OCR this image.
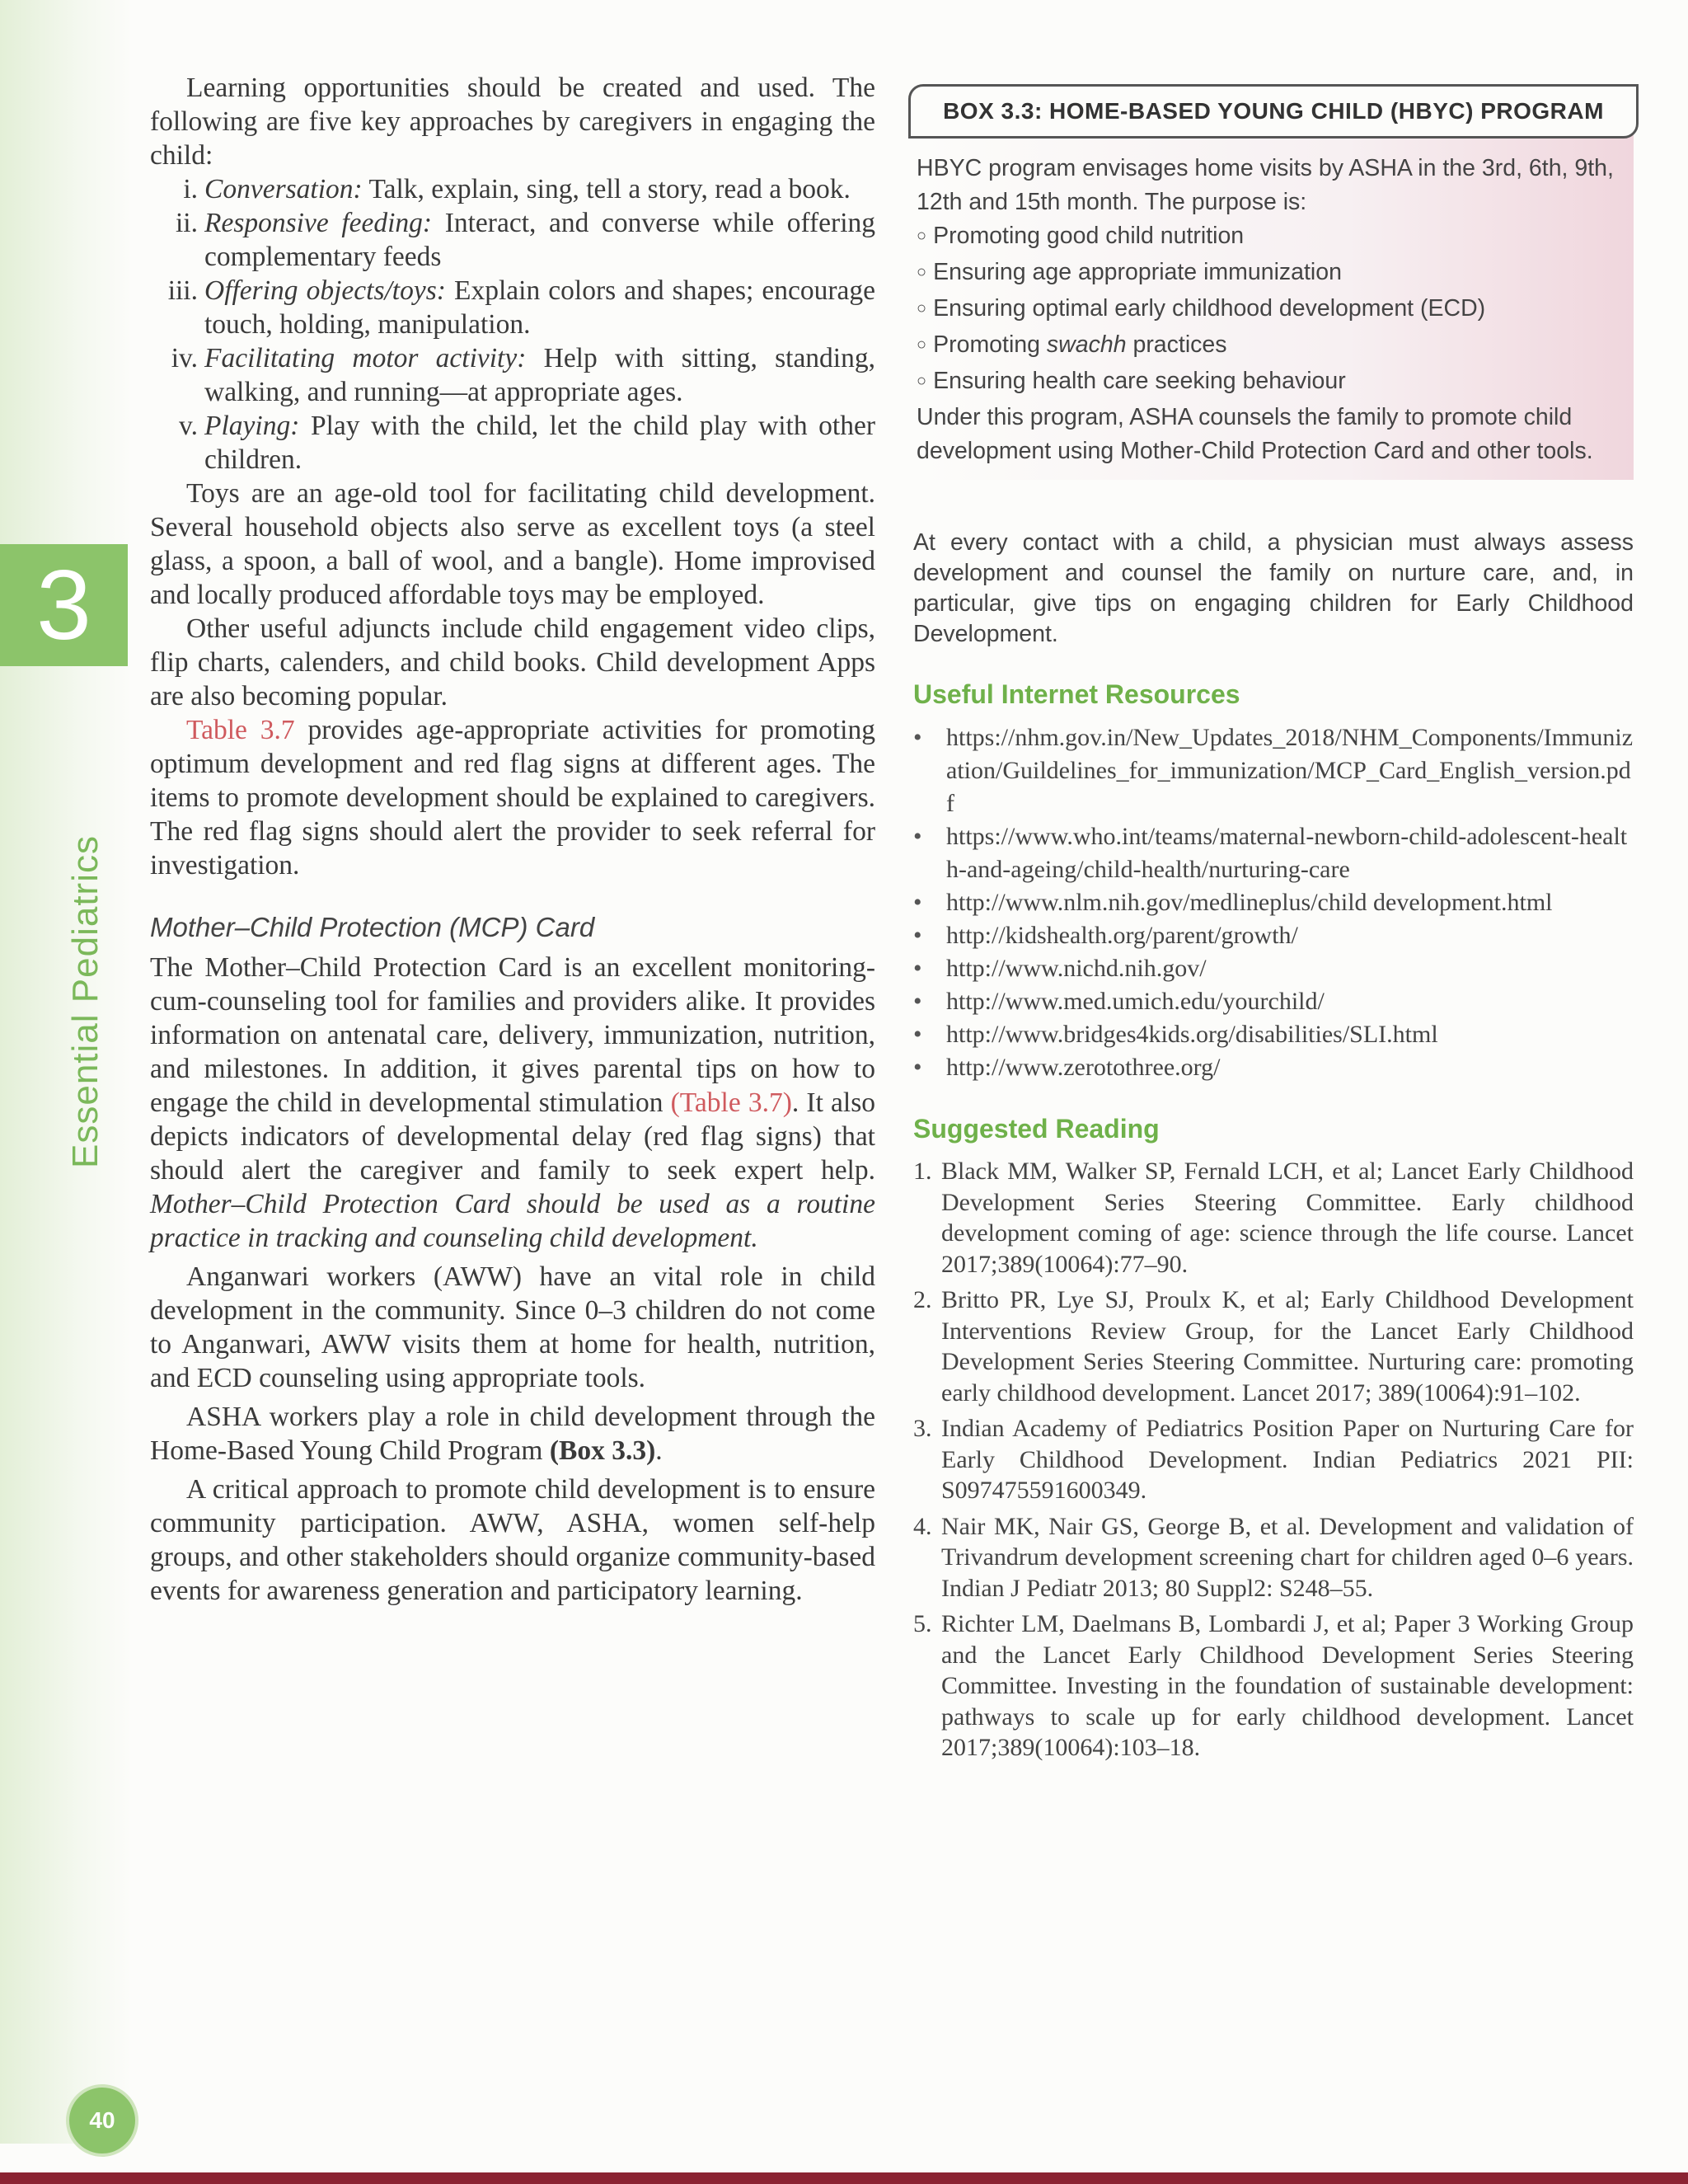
3
Essential Pediatrics

Learning opportunities should be created and used. The following are five key approaches by caregivers in engaging the child:

i. Conversation: Talk, explain, sing, tell a story, read a book.
ii. Responsive feeding: Interact, and converse while offering complementary feeds
iii. Offering objects/toys: Explain colors and shapes; encourage touch, holding, manipulation.
iv. Facilitating motor activity: Help with sitting, standing, walking, and running—at appropriate ages.
v. Playing: Play with the child, let the child play with other children.

Toys are an age-old tool for facilitating child development. Several household objects also serve as excellent toys (a steel glass, a spoon, a ball of wool, and a bangle). Home improvised and locally produced affordable toys may be employed.

Other useful adjuncts include child engagement video clips, flip charts, calenders, and child books. Child development Apps are also becoming popular.

Table 3.7 provides age-appropriate activities for promoting optimum development and red flag signs at different ages. The items to promote development should be explained to caregivers. The red flag signs should alert the provider to seek referral for investigation.

Mother–Child Protection (MCP) Card

The Mother–Child Protection Card is an excellent monitoring-cum-counseling tool for families and providers alike. It provides information on antenatal care, delivery, immunization, nutrition, and milestones. In addition, it gives parental tips on how to engage the child in developmental stimulation (Table 3.7). It also depicts indicators of developmental delay (red flag signs) that should alert the caregiver and family to seek expert help. Mother–Child Protection Card should be used as a routine practice in tracking and counseling child development.

Anganwari workers (AWW) have an vital role in child development in the community. Since 0–3 children do not come to Anganwari, AWW visits them at home for health, nutrition, and ECD counseling using appropriate tools.

ASHA workers play a role in child development through the Home-Based Young Child Program (Box 3.3).

A critical approach to promote child development is to ensure community participation. AWW, ASHA, women self-help groups, and other stakeholders should organize community-based events for awareness generation and participatory learning.

BOX 3.3: HOME-BASED YOUNG CHILD (HBYC) PROGRAM
HBYC program envisages home visits by ASHA in the 3rd, 6th, 9th, 12th and 15th month. The purpose is:
○ Promoting good child nutrition
○ Ensuring age appropriate immunization
○ Ensuring optimal early childhood development (ECD)
○ Promoting swachh practices
○ Ensuring health care seeking behaviour
Under this program, ASHA counsels the family to promote child development using Mother-Child Protection Card and other tools.
At every contact with a child, a physician must always assess development and counsel the family on nurture care, and, in particular, give tips on engaging children for Early Childhood Development.
Useful Internet Resources
• https://nhm.gov.in/New_Updates_2018/NHM_Components/Immunization/Guildelines_for_immunization/MCP_Card_English_version.pdf
• https://www.who.int/teams/maternal-newborn-child-adolescent-health-and-ageing/child-health/nurturing-care
• http://www.nlm.nih.gov/medlineplus/child development.html
• http://kidshealth.org/parent/growth/
• http://www.nichd.nih.gov/
• http://www.med.umich.edu/yourchild/
• http://www.bridges4kids.org/disabilities/SLI.html
• http://www.zerotothree.org/
Suggested Reading
1. Black MM, Walker SP, Fernald LCH, et al; Lancet Early Childhood Development Series Steering Committee. Early childhood development coming of age: science through the life course. Lancet 2017;389(10064):77–90.
2. Britto PR, Lye SJ, Proulx K, et al; Early Childhood Development Interventions Review Group, for the Lancet Early Childhood Development Series Steering Committee. Nurturing care: promoting early childhood development. Lancet 2017; 389(10064):91–102.
3. Indian Academy of Pediatrics Position Paper on Nurturing Care for Early Childhood Development. Indian Pediatrics 2021 PII: S097475591600349.
4. Nair MK, Nair GS, George B, et al. Development and validation of Trivandrum development screening chart for children aged 0–6 years. Indian J Pediatr 2013; 80 Suppl2: S248–55.
5. Richter LM, Daelmans B, Lombardi J, et al; Paper 3 Working Group and the Lancet Early Childhood Development Series Steering Committee. Investing in the foundation of sustainable development: pathways to scale up for early childhood development. Lancet 2017;389(10064):103–18.
40
